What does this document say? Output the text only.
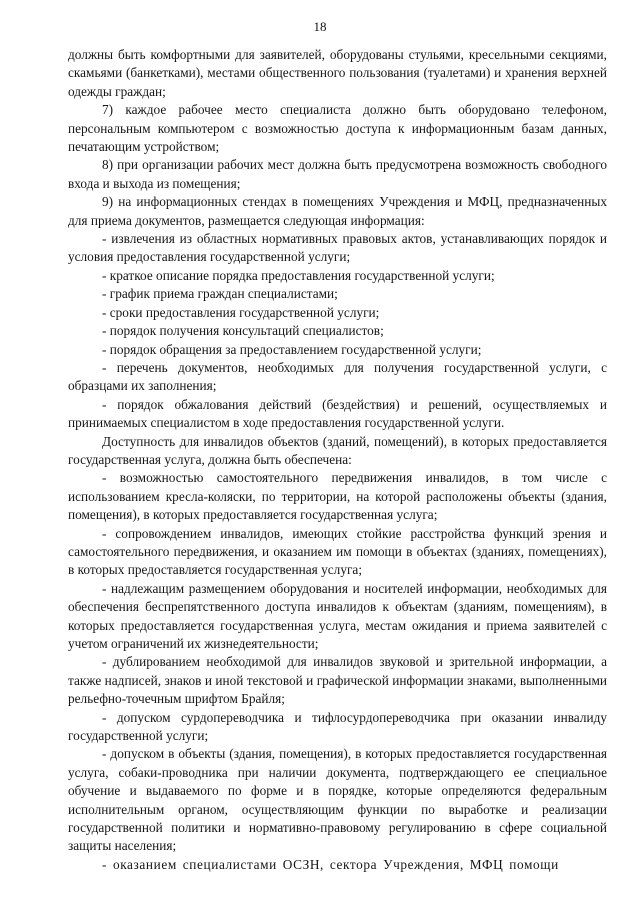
18

должны быть комфортными для заявителей, оборудованы стульями, кресельными секциями, скамьями (банкетками), местами общественного пользования (туалетами) и хранения верхней одежды граждан;

7) каждое рабочее место специалиста должно быть оборудовано телефоном, персональным компьютером с возможностью доступа к информационным базам данных, печатающим устройством;

8) при организации рабочих мест должна быть предусмотрена возможность свободного входа и выхода из помещения;

9) на информационных стендах в помещениях Учреждения и МФЦ, предназначенных для приема документов, размещается следующая информация:

- извлечения из областных нормативных правовых актов, устанавливающих порядок и условия предоставления государственной услуги;

- краткое описание порядка предоставления государственной услуги;

- график приема граждан специалистами;

- сроки предоставления государственной услуги;

- порядок получения консультаций специалистов;

- порядок обращения за предоставлением государственной услуги;

- перечень документов, необходимых для получения государственной услуги, с образцами их заполнения;

- порядок обжалования действий (бездействия) и решений, осуществляемых и принимаемых специалистом в ходе предоставления государственной услуги.

Доступность для инвалидов объектов (зданий, помещений), в которых предоставляется государственная услуга, должна быть обеспечена:

- возможностью самостоятельного передвижения инвалидов, в том числе с использованием кресла-коляски, по территории, на которой расположены объекты (здания, помещения), в которых предоставляется государственная услуга;

- сопровождением инвалидов, имеющих стойкие расстройства функций зрения и самостоятельного передвижения, и оказанием им помощи в объектах (зданиях, помещениях), в которых предоставляется государственная услуга;

- надлежащим размещением оборудования и носителей информации, необходимых для обеспечения беспрепятственного доступа инвалидов к объектам (зданиям, помещениям), в которых предоставляется государственная услуга, местам ожидания и приема заявителей с учетом ограничений их жизнедеятельности;

- дублированием необходимой для инвалидов звуковой и зрительной информации, а также надписей, знаков и иной текстовой и графической информации знаками, выполненными рельефно-точечным шрифтом Брайля;

- допуском сурдопереводчика и тифлосурдопереводчика при оказании инвалиду государственной услуги;

- допуском в объекты (здания, помещения), в которых предоставляется государственная услуга, собаки-проводника при наличии документа, подтверждающего ее специальное обучение и выдаваемого по форме и в порядке, которые определяются федеральным исполнительным органом, осуществляющим функции по выработке и реализации государственной политики и нормативно-правовому регулированию в сфере социальной защиты населения;

- оказанием специалистами ОСЗН, сектора Учреждения, МФЦ помощи
